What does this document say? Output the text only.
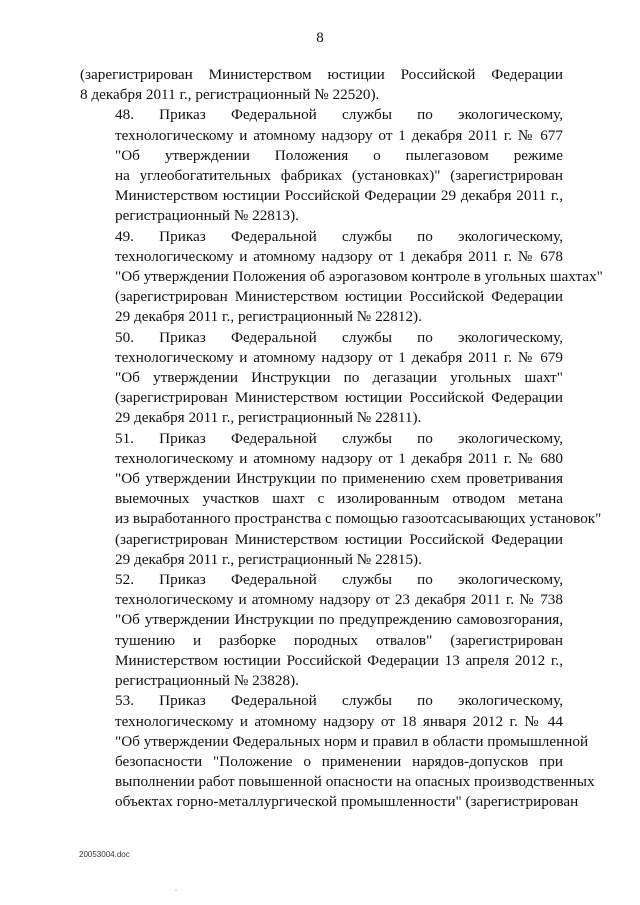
8

(зарегистрирован Министерством юстиции Российской Федерации
8 декабря 2011 г., регистрационный № 22520).

48. Приказ Федеральной службы по экологическому,
технологическому и атомному надзору от 1 декабря 2011 г. № 677
"Об утверждении Положения о пылегазовом режиме
на углеобогатительных фабриках (установках)" (зарегистрирован
Министерством юстиции Российской Федерации 29 декабря 2011 г.,
регистрационный № 22813).

49. Приказ Федеральной службы по экологическому,
технологическому и атомному надзору от 1 декабря 2011 г. № 678
"Об утверждении Положения об аэрогазовом контроле в угольных шахтах"
(зарегистрирован Министерством юстиции Российской Федерации
29 декабря 2011 г., регистрационный № 22812).

50. Приказ Федеральной службы по экологическому,
технологическому и атомному надзору от 1 декабря 2011 г. № 679
"Об утверждении Инструкции по дегазации угольных шахт"
(зарегистрирован Министерством юстиции Российской Федерации
29 декабря 2011 г., регистрационный № 22811).

51. Приказ Федеральной службы по экологическому,
технологическому и атомному надзору от 1 декабря 2011 г. № 680
"Об утверждении Инструкции по применению схем проветривания
выемочных участков шахт с изолированным отводом метана
из выработанного пространства с помощью газоотсасывающих установок"
(зарегистрирован Министерством юстиции Российской Федерации
29 декабря 2011 г., регистрационный № 22815).

52. Приказ Федеральной службы по экологическому,
технологическому и атомному надзору от 23 декабря 2011 г. № 738
"Об утверждении Инструкции по предупреждению самовозгорания,
тушению и разборке породных отвалов" (зарегистрирован
Министерством юстиции Российской Федерации 13 апреля 2012 г.,
регистрационный № 23828).

53. Приказ Федеральной службы по экологическому,
технологическому и атомному надзору от 18 января 2012 г. № 44
"Об утверждении Федеральных норм и правил в области промышленной
безопасности "Положение о применении нарядов-допусков при
выполнении работ повышенной опасности на опасных производственных
объектах горно-металлургической промышленности" (зарегистрирован

20053004.doc
